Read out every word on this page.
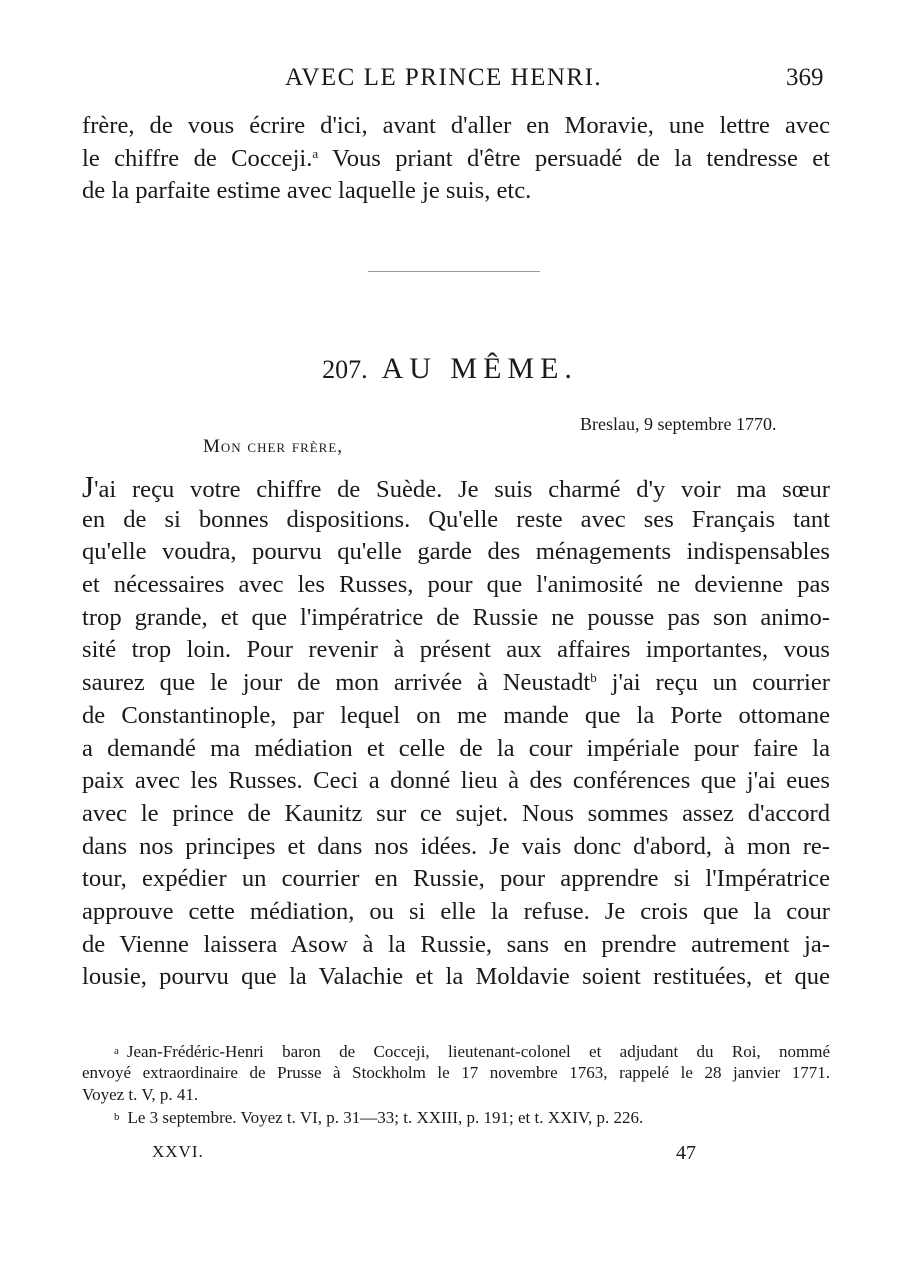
AVEC LE PRINCE HENRI.	369
frère, de vous écrire d'ici, avant d'aller en Moravie, une lettre avec
le chiffre de Cocceji.$^a$ Vous priant d'être persuadé de la tendresse et
de la parfaite estime avec laquelle je suis, etc.
207. AU MÊME.
Breslau, 9 septembre 1770.
Mon cher frère,
J'ai reçu votre chiffre de Suède. Je suis charmé d'y voir ma sœur
en de si bonnes dispositions. Qu'elle reste avec ses Français tant
qu'elle voudra, pourvu qu'elle garde des ménagements indispensables
et nécessaires avec les Russes, pour que l'animosité ne devienne pas
trop grande, et que l'impératrice de Russie ne pousse pas son animo-
sité trop loin. Pour revenir à présent aux affaires importantes, vous
saurez que le jour de mon arrivée à Neustadt$^b$ j'ai reçu un courrier
de Constantinople, par lequel on me mande que la Porte ottomane
a demandé ma médiation et celle de la cour impériale pour faire la
paix avec les Russes. Ceci a donné lieu à des conférences que j'ai eues
avec le prince de Kaunitz sur ce sujet. Nous sommes assez d'accord
dans nos principes et dans nos idées. Je vais donc d'abord, à mon re-
tour, expédier un courrier en Russie, pour apprendre si l'Impératrice
approuve cette médiation, ou si elle la refuse. Je crois que la cour
de Vienne laissera Asow à la Russie, sans en prendre autrement ja-
lousie, pourvu que la Valachie et la Moldavie soient restituées, et que
a Jean-Frédéric-Henri baron de Cocceji, lieutenant-colonel et adjudant du Roi, nommé
envoyé extraordinaire de Prusse à Stockholm le 17 novembre 1763, rappelé le 28 janvier 1771.
Voyez t. V, p. 41.
b Le 3 septembre. Voyez t. VI, p. 31—33; t. XXIII, p. 191; et t. XXIV, p. 226.
XXVI.	47
